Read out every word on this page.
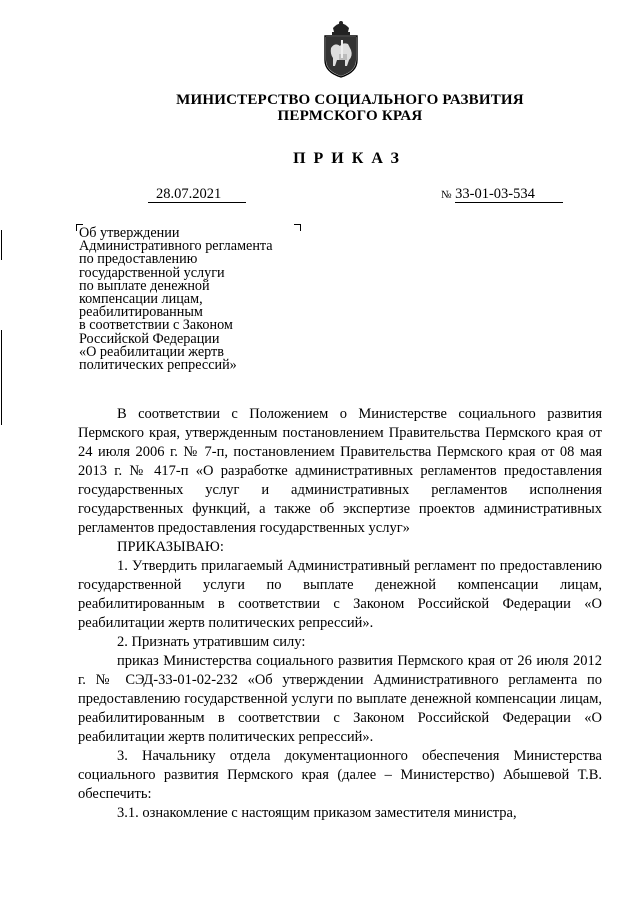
МИНИСТЕРСТВО СОЦИАЛЬНОГО РАЗВИТИЯ
ПЕРМСКОГО КРАЯ
ПРИКАЗ
28.07.2021	№ 33-01-03-534
Об утверждении
Административного регламента
по предоставлению
государственной услуги
по выплате денежной
компенсации лицам,
реабилитированным
в соответствии с Законом
Российской Федерации
«О реабилитации жертв
политических репрессий»

В соответствии с Положением о Министерстве социального развития Пермского края, утвержденным постановлением Правительства Пермского края от 24 июля 2006 г. № 7-п, постановлением Правительства Пермского края от 08 мая 2013 г. № 417-п «О разработке административных регламентов предоставления государственных услуг и административных регламентов исполнения государственных функций, а также об экспертизе проектов административных регламентов предоставления государственных услуг»

ПРИКАЗЫВАЮ:

1. Утвердить прилагаемый Административный регламент по предоставлению государственной услуги по выплате денежной компенсации лицам, реабилитированным в соответствии с Законом Российской Федерации «О реабилитации жертв политических репрессий».

2. Признать утратившим силу:

приказ Министерства социального развития Пермского края от 26 июля 2012 г. № СЭД-33-01-02-232 «Об утверждении Административного регламента по предоставлению государственной услуги по выплате денежной компенсации лицам, реабилитированным в соответствии с Законом Российской Федерации «О реабилитации жертв политических репрессий».

3. Начальнику отдела документационного обеспечения Министерства социального развития Пермского края (далее – Министерство) Абышевой Т.В. обеспечить:

3.1. ознакомление с настоящим приказом заместителя министра,
